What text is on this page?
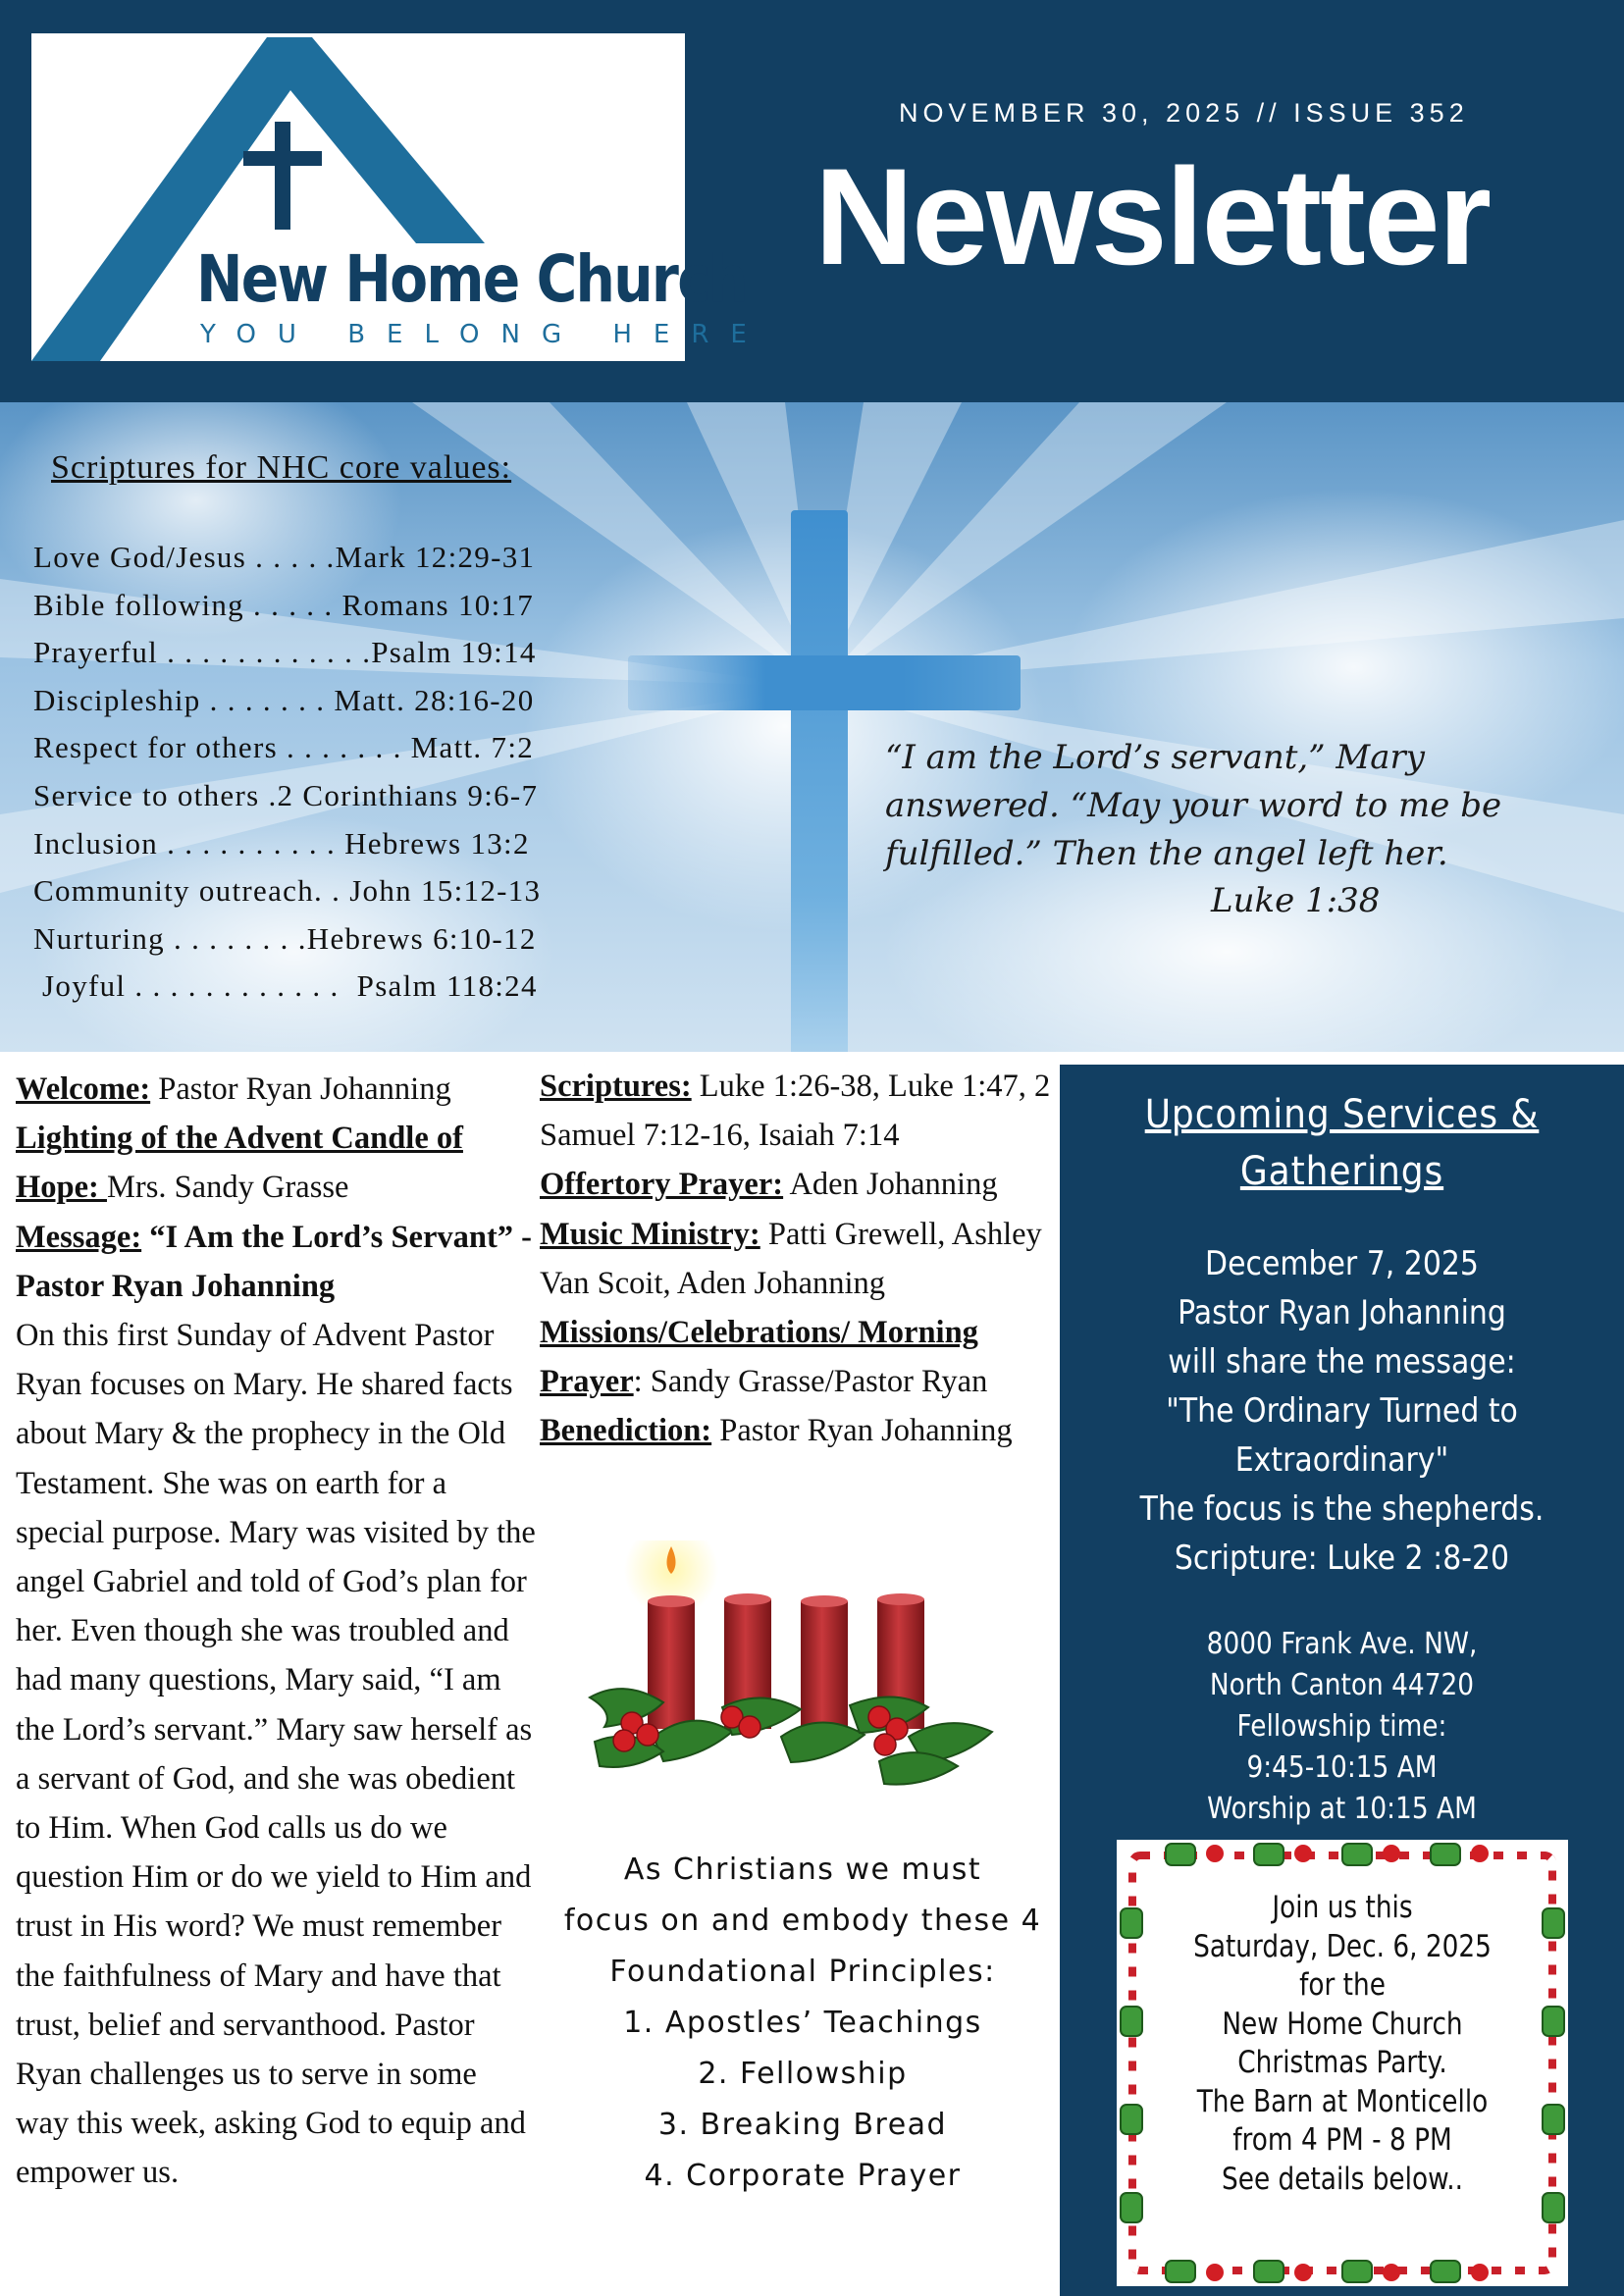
New Home Church
YOU BELONG HERE
NOVEMBER 30, 2025 // ISSUE 352
Newsletter
Scriptures for NHC core values:
Love God/Jesus . . . . .Mark 12:29-31
Bible following . . . . . Romans 10:17
Prayerful . . . . . . . . . . . .Psalm 19:14
Discipleship . . . . . . . Matt. 28:16-20
Respect for others . . . . . . . Matt. 7:2
Service to others .2 Corinthians 9:6-7
Inclusion . . . . . . . . . . Hebrews 13:2
Community outreach. . John 15:12-13
Nurturing . . . . . . . .Hebrews 6:10-12
Joyful . . . . . . . . . . . .  Psalm 118:24
“I am the Lord’s servant,” Mary answered. “May your word to me be fulfilled.” Then the angel left her.
Luke 1:38
Welcome: Pastor Ryan Johanning
Lighting of the Advent Candle of Hope: Mrs. Sandy Grasse
Message: “I Am the Lord’s Servant” - Pastor Ryan Johanning
On this first Sunday of Advent Pastor Ryan focuses on Mary. He shared facts about Mary & the prophecy in the Old Testament. She was on earth for a special purpose. Mary was visited by the angel Gabriel and told of God’s plan for her. Even though she was troubled and had many questions, Mary said, “I am the Lord’s servant.” Mary saw herself as a servant of God, and she was obedient to Him. When God calls us do we question Him or do we yield to Him and trust in His word? We must remember the faithfulness of Mary and have that trust, belief and servanthood. Pastor Ryan challenges us to serve in some way this week, asking God to equip and empower us.
Scriptures: Luke 1:26-38, Luke 1:47, 2 Samuel 7:12-16, Isaiah 7:14
Offertory Prayer: Aden Johanning
Music Ministry: Patti Grewell, Ashley Van Scoit, Aden Johanning
Missions/Celebrations/ Morning Prayer: Sandy Grasse/Pastor Ryan
Benediction: Pastor Ryan Johanning
As Christians we must
focus on and embody these 4
Foundational Principles:
1. Apostles’ Teachings
2. Fellowship
3. Breaking Bread
4. Corporate Prayer
Upcoming Services &
Gatherings
December 7, 2025
Pastor Ryan Johanning
will share the message:
"The Ordinary Turned to
Extraordinary"
The focus is the shepherds.
Scripture: Luke 2 :8-20
8000 Frank Ave. NW,
North Canton 44720
Fellowship time:
9:45-10:15 AM
Worship at 10:15 AM
Join us this
Saturday, Dec. 6, 2025
for the
New Home Church
Christmas Party.
The Barn at Monticello
from 4 PM - 8 PM
See details below..
